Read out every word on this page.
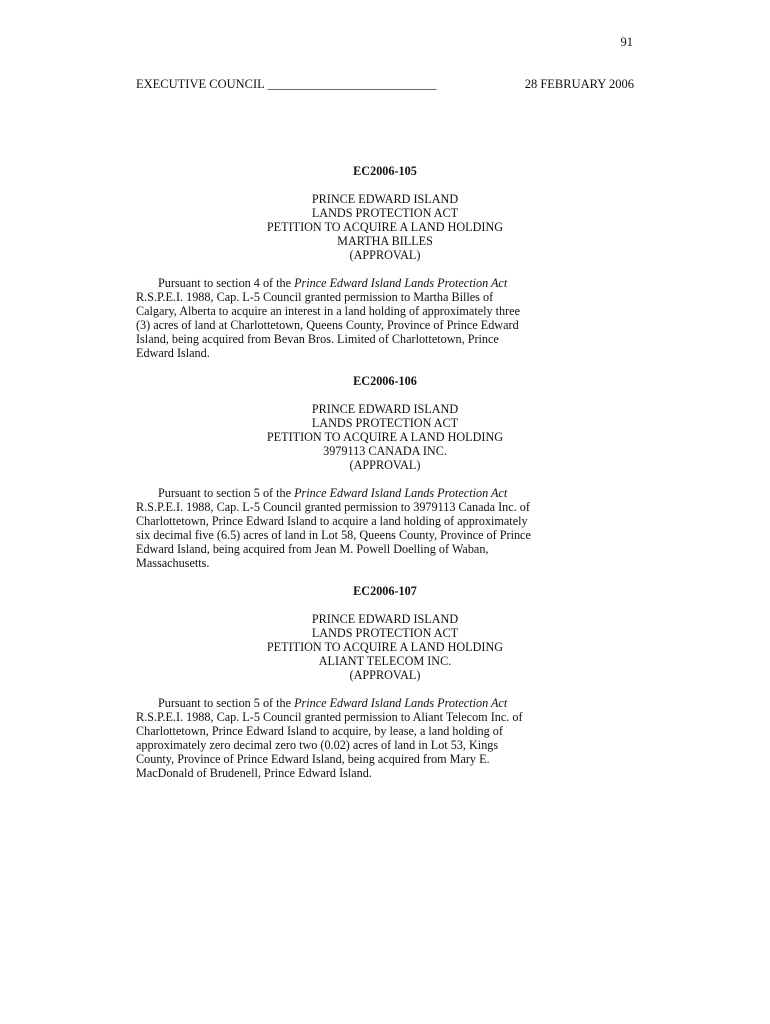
91
EXECUTIVE COUNCIL ___________________________	28 FEBRUARY 2006
EC2006-105
PRINCE EDWARD ISLAND
LANDS PROTECTION ACT
PETITION TO ACQUIRE A LAND HOLDING
MARTHA BILLES
(APPROVAL)
Pursuant to section 4 of the Prince Edward Island Lands Protection Act
R.S.P.E.I. 1988, Cap. L-5 Council granted permission to Martha Billes of
Calgary, Alberta to acquire an interest in a land holding of approximately three
(3) acres of land at Charlottetown, Queens County, Province of Prince Edward
Island, being acquired from Bevan Bros. Limited of Charlottetown, Prince
Edward Island.
EC2006-106
PRINCE EDWARD ISLAND
LANDS PROTECTION ACT
PETITION TO ACQUIRE A LAND HOLDING
3979113 CANADA INC.
(APPROVAL)
Pursuant to section 5 of the Prince Edward Island Lands Protection Act
R.S.P.E.I. 1988, Cap. L-5 Council granted permission to 3979113 Canada Inc. of
Charlottetown, Prince Edward Island to acquire a land holding of approximately
six decimal five (6.5) acres of land in Lot 58, Queens County, Province of Prince
Edward Island, being acquired from Jean M. Powell Doelling of Waban,
Massachusetts.
EC2006-107
PRINCE EDWARD ISLAND
LANDS PROTECTION ACT
PETITION TO ACQUIRE A LAND HOLDING
ALIANT TELECOM INC.
(APPROVAL)
Pursuant to section 5 of the Prince Edward Island Lands Protection Act
R.S.P.E.I. 1988, Cap. L-5 Council granted permission to Aliant Telecom Inc. of
Charlottetown, Prince Edward Island to acquire, by lease, a land holding of
approximately zero decimal zero two (0.02) acres of land in Lot 53, Kings
County, Province of Prince Edward Island, being acquired from Mary E.
MacDonald of Brudenell, Prince Edward Island.
